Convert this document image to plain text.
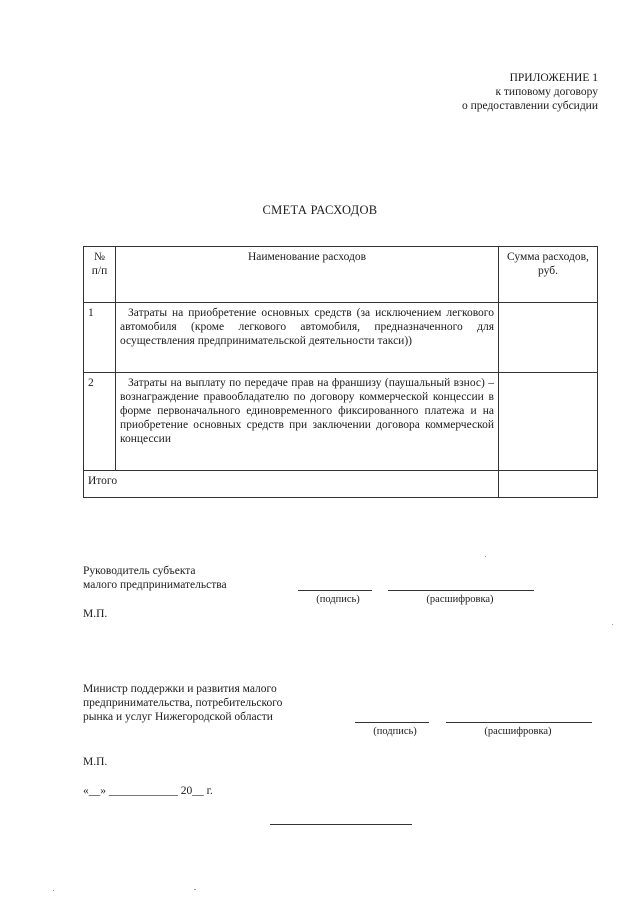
ПРИЛОЖЕНИЕ 1
к типовому договору
о предоставлении субсидии
СМЕТА РАСХОДОВ
№ п/п	Наименование расходов	Сумма расходов, руб.
1	Затраты на приобретение основных средств (за исключением легкового автомобиля (кроме легкового автомобиля, предназначенного для осуществления предпринимательской деятельности такси))	

2	Затраты на выплату по передаче прав на франшизу (паушальный взнос) – вознаграждение правообладателю по договору коммерческой концессии в форме первоначального единовременного фиксированного платежа и на приобретение основных средств при заключении договора коммерческой концессии	

Итого		
Руководитель субъекта
малого предпринимательства
(подпись)	(расшифровка)
М.П.
Министр поддержки и развития малого
предпринимательства, потребительского
рынка и услуг Нижегородской области
(подпись)	(расшифровка)
М.П.
«__» ____________ 20__ г.
